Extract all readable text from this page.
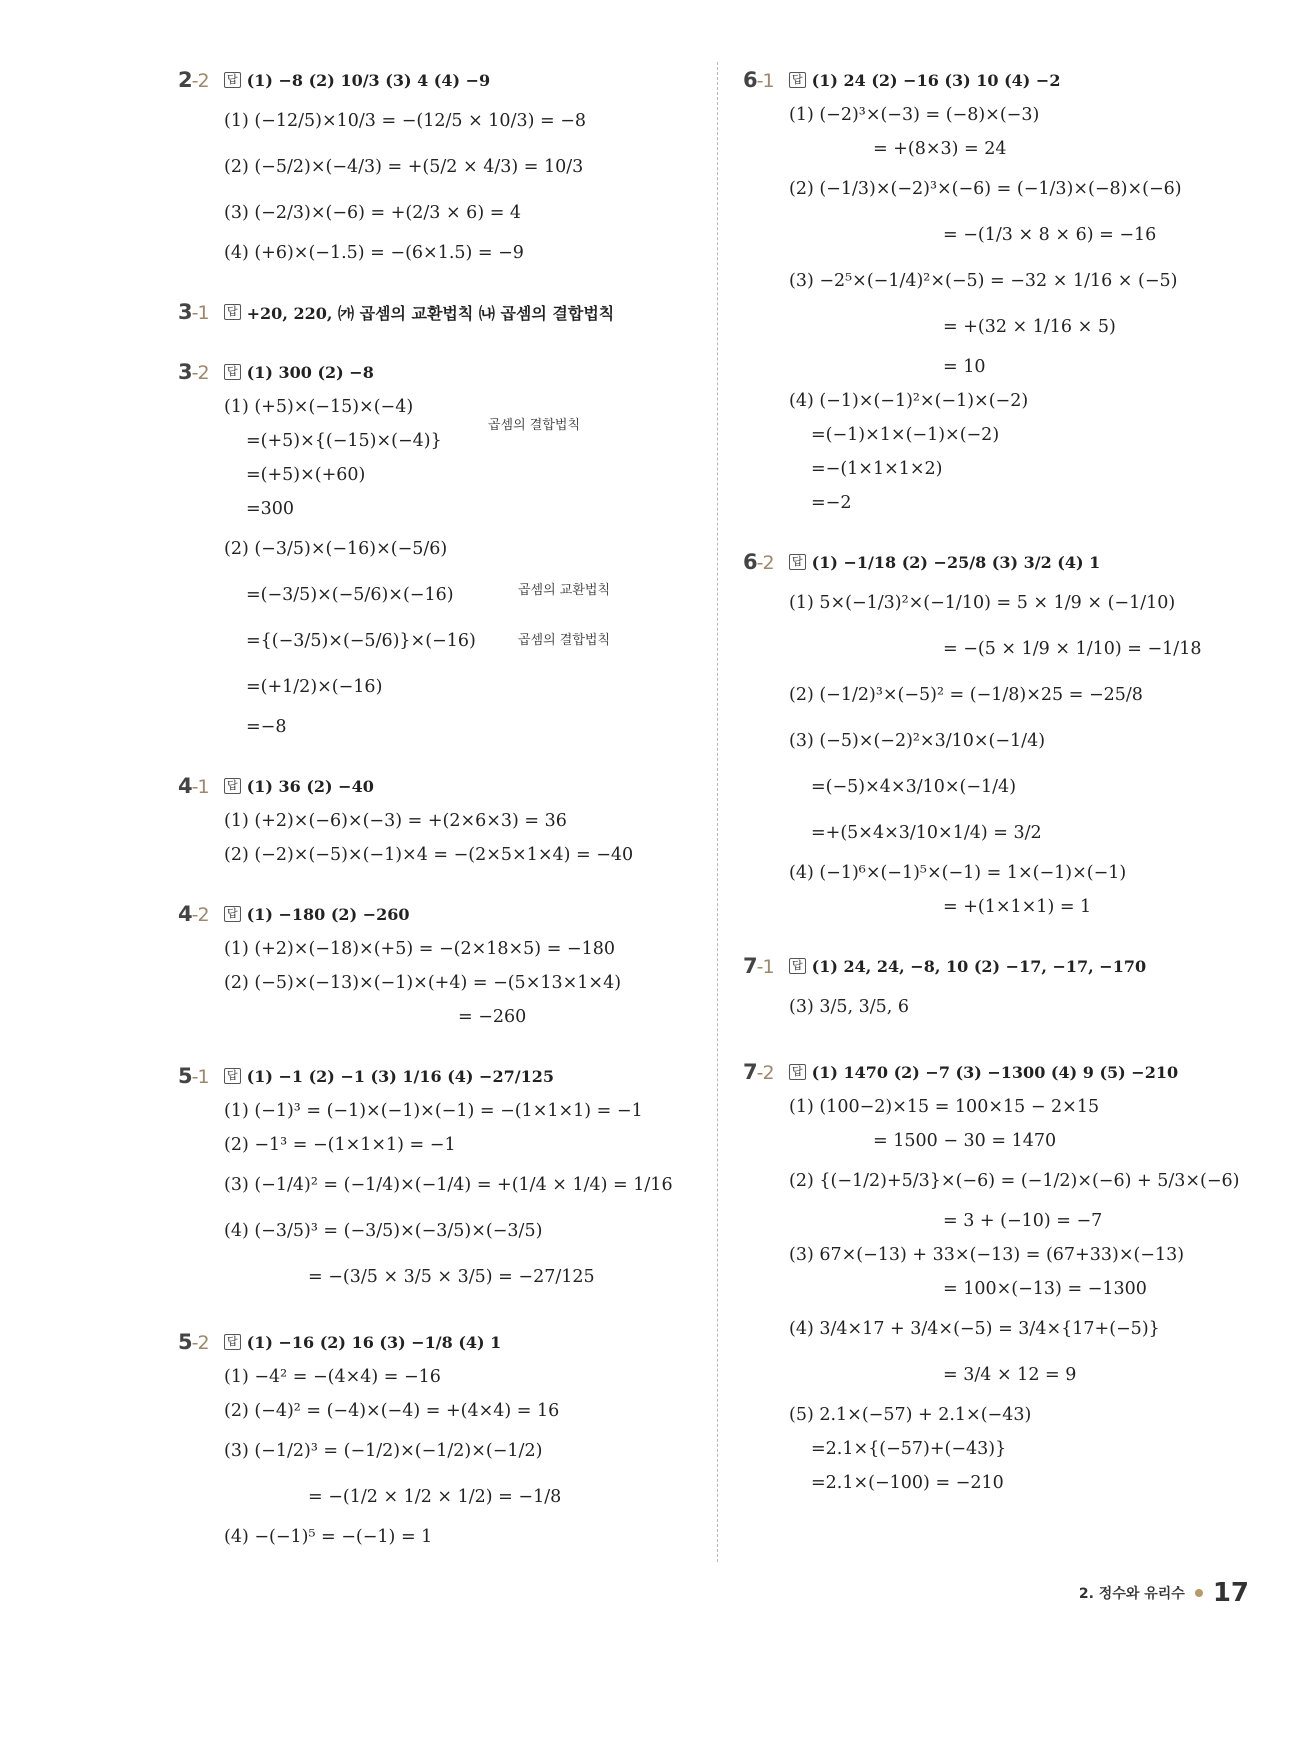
2-2	답 (1) −8 (2) 10/3 (3) 4 (4) −9
(1) (−12/5)×10/3 = −(12/5 × 10/3) = −8
(2) (−5/2)×(−4/3) = +(5/2 × 4/3) = 10/3
(3) (−2/3)×(−6) = +(2/3 × 6) = 4
(4) (+6)×(−1.5) = −(6×1.5) = −9
3-1	답 +20, 220, ㈎ 곱셈의 교환법칙 ㈏ 곱셈의 결합법칙
3-2	답 (1) 300 (2) −8
(1) (+5)×(−15)×(−4)
=(+5)×{(−15)×(−4)}
=(+5)×(+60)
=300
(2) (−3/5)×(−16)×(−5/6)
=(−3/5)×(−5/6)×(−16)
={(−3/5)×(−5/6)}×(−16)
=(+1/2)×(−16)
=−8
곱셈의 결합법칙
곱셈의 교환법칙
곱셈의 결합법칙
4-1	답 (1) 36 (2) −40
(1) (+2)×(−6)×(−3) = +(2×6×3) = 36
(2) (−2)×(−5)×(−1)×4 = −(2×5×1×4) = −40
4-2	답 (1) −180 (2) −260
(1) (+2)×(−18)×(+5) = −(2×18×5) = −180
(2) (−5)×(−13)×(−1)×(+4) = −(5×13×1×4)
= −260
5-1	답 (1) −1 (2) −1 (3) 1/16 (4) −27/125
(1) (−1)³ = (−1)×(−1)×(−1) = −(1×1×1) = −1
(2) −1³ = −(1×1×1) = −1
(3) (−1/4)² = (−1/4)×(−1/4) = +(1/4 × 1/4) = 1/16
(4) (−3/5)³ = (−3/5)×(−3/5)×(−3/5)
= −(3/5 × 3/5 × 3/5) = −27/125
5-2	답 (1) −16 (2) 16 (3) −1/8 (4) 1
(1) −4² = −(4×4) = −16
(2) (−4)² = (−4)×(−4) = +(4×4) = 16
(3) (−1/2)³ = (−1/2)×(−1/2)×(−1/2)
= −(1/2 × 1/2 × 1/2) = −1/8
(4) −(−1)⁵ = −(−1) = 1
6-1	답 (1) 24 (2) −16 (3) 10 (4) −2
(1) (−2)³×(−3) = (−8)×(−3)
= +(8×3) = 24
(2) (−1/3)×(−2)³×(−6) = (−1/3)×(−8)×(−6)
= −(1/3 × 8 × 6) = −16
(3) −2⁵×(−1/4)²×(−5) = −32 × 1/16 × (−5)
= +(32 × 1/16 × 5)
= 10
(4) (−1)×(−1)²×(−1)×(−2)
=(−1)×1×(−1)×(−2)
=−(1×1×1×2)
=−2
6-2	답 (1) −1/18 (2) −25/8 (3) 3/2 (4) 1
(1) 5×(−1/3)²×(−1/10) = 5 × 1/9 × (−1/10)
= −(5 × 1/9 × 1/10) = −1/18
(2) (−1/2)³×(−5)² = (−1/8)×25 = −25/8
(3) (−5)×(−2)²×3/10×(−1/4)
=(−5)×4×3/10×(−1/4)
=+(5×4×3/10×1/4) = 3/2
(4) (−1)⁶×(−1)⁵×(−1) = 1×(−1)×(−1)
= +(1×1×1) = 1
7-1	답 (1) 24, 24, −8, 10 (2) −17, −17, −170
(3) 3/5, 3/5, 6
7-2	답 (1) 1470 (2) −7 (3) −1300 (4) 9 (5) −210
(1) (100−2)×15 = 100×15 − 2×15
= 1500 − 30 = 1470
(2) {(−1/2)+5/3}×(−6) = (−1/2)×(−6) + 5/3×(−6)
= 3 + (−10) = −7
(3) 67×(−13) + 33×(−13) = (67+33)×(−13)
= 100×(−13) = −1300
(4) 3/4×17 + 3/4×(−5) = 3/4×{17+(−5)}
= 3/4 × 12 = 9
(5) 2.1×(−57) + 2.1×(−43)
=2.1×{(−57)+(−43)}
=2.1×(−100) = −210
2. 정수와 유리수 17
